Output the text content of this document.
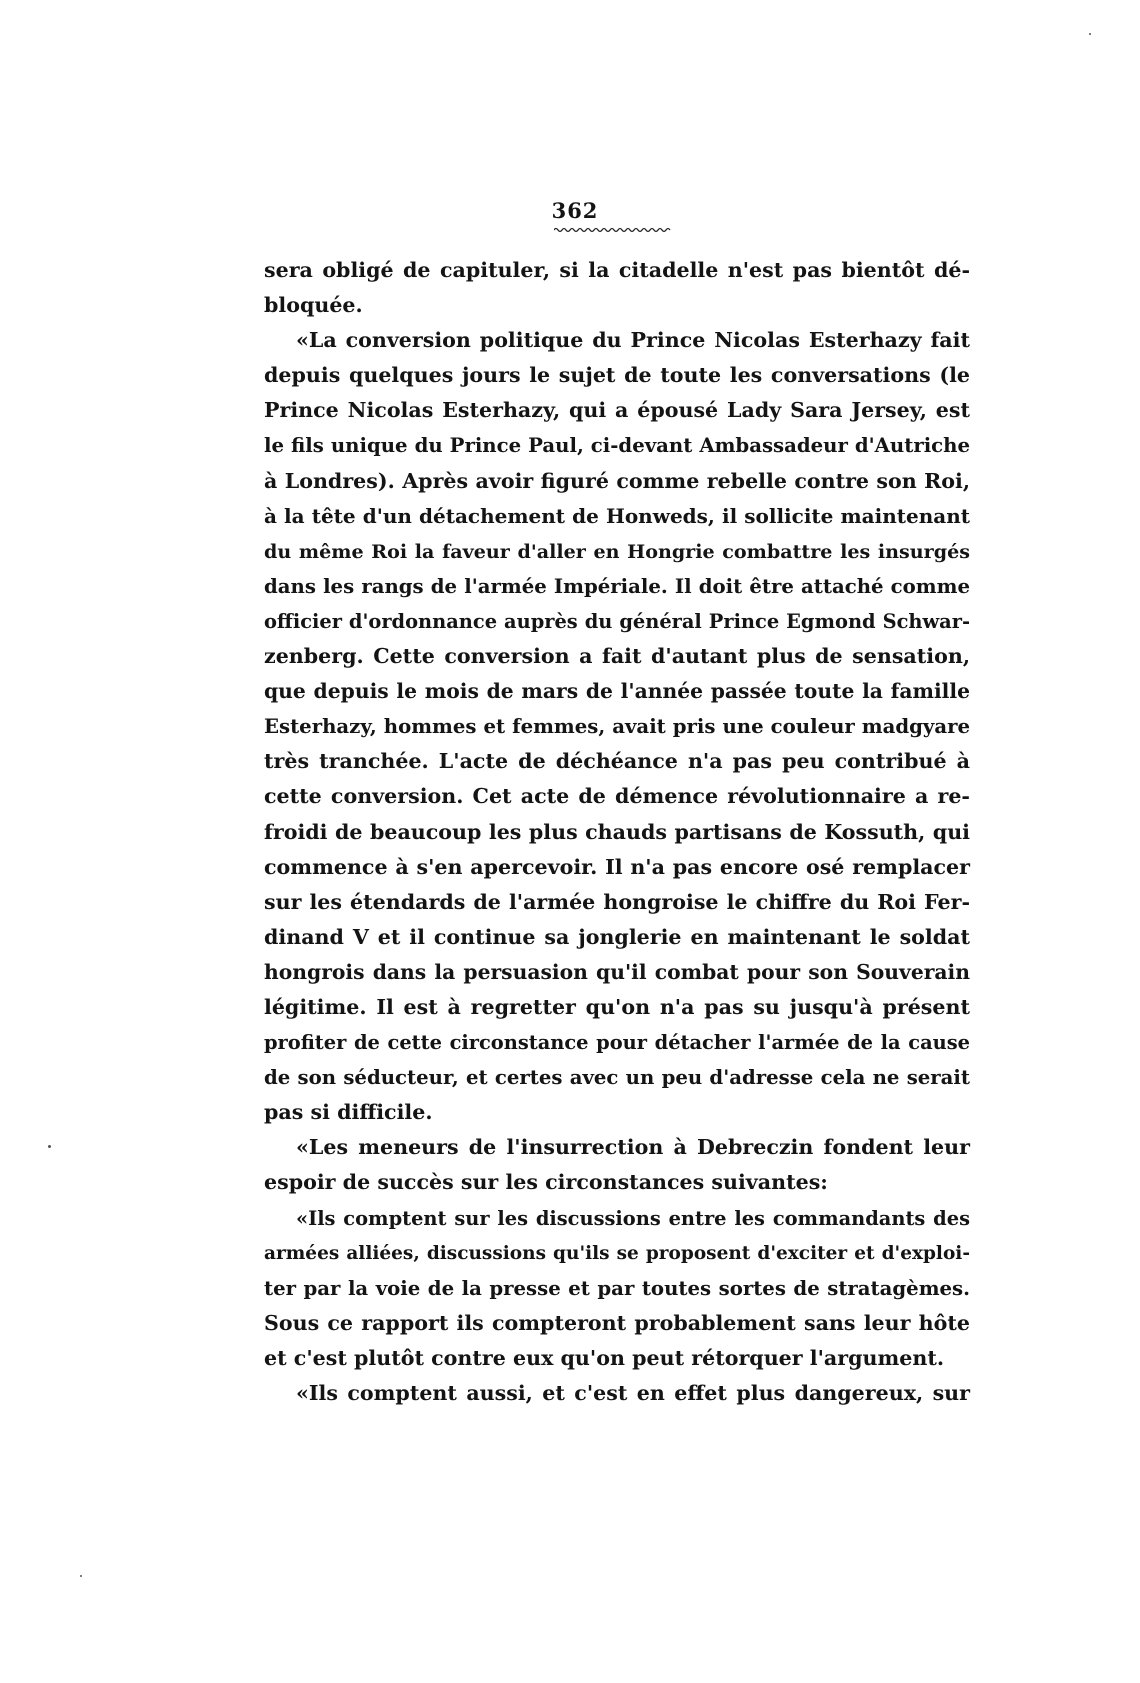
362
sera obligé de capituler, si la citadelle n'est pas bientôt dé-
bloquée.
«La conversion politique du Prince Nicolas Esterhazy fait
depuis quelques jours le sujet de toute les conversations (le
Prince Nicolas Esterhazy, qui a épousé Lady Sara Jersey, est
le fils unique du Prince Paul, ci-devant Ambassadeur d'Autriche
à Londres). Après avoir figuré comme rebelle contre son Roi,
à la tête d'un détachement de Honweds, il sollicite maintenant
du même Roi la faveur d'aller en Hongrie combattre les insurgés
dans les rangs de l'armée Impériale. Il doit être attaché comme
officier d'ordonnance auprès du général Prince Egmond Schwar-
zenberg. Cette conversion a fait d'autant plus de sensation,
que depuis le mois de mars de l'année passée toute la famille
Esterhazy, hommes et femmes, avait pris une couleur madgyare
très tranchée. L'acte de déchéance n'a pas peu contribué à
cette conversion. Cet acte de démence révolutionnaire a re-
froidi de beaucoup les plus chauds partisans de Kossuth, qui
commence à s'en apercevoir. Il n'a pas encore osé remplacer
sur les étendards de l'armée hongroise le chiffre du Roi Fer-
dinand V et il continue sa jonglerie en maintenant le soldat
hongrois dans la persuasion qu'il combat pour son Souverain
légitime. Il est à regretter qu'on n'a pas su jusqu'à présent
profiter de cette circonstance pour détacher l'armée de la cause
de son séducteur, et certes avec un peu d'adresse cela ne serait
pas si difficile.
«Les meneurs de l'insurrection à Debreczin fondent leur
espoir de succès sur les circonstances suivantes:
«Ils comptent sur les discussions entre les commandants des
armées alliées, discussions qu'ils se proposent d'exciter et d'exploi-
ter par la voie de la presse et par toutes sortes de stratagèmes.
Sous ce rapport ils compteront probablement sans leur hôte
et c'est plutôt contre eux qu'on peut rétorquer l'argument.
«Ils comptent aussi, et c'est en effet plus dangereux, sur
